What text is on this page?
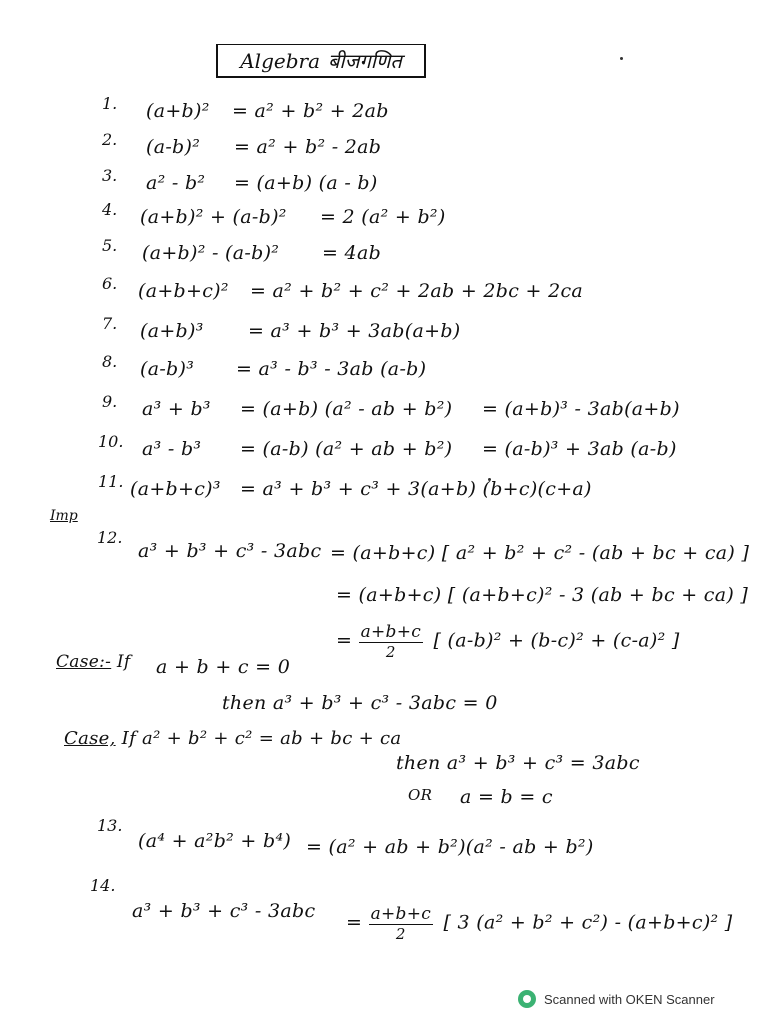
Algebra बीजगणित
1. (a+b)² = a² + b² + 2ab
2. (a-b)² = a² + b² - 2ab
3. a² - b² = (a+b) (a - b)
4. (a+b)² + (a-b)² = 2 (a² + b²)
5. (a+b)² - (a-b)² = 4ab
6. (a+b+c)² = a² + b² + c² + 2ab + 2bc + 2ca
7. (a+b)³ = a³ + b³ + 3ab(a+b)
8. (a-b)³ = a³ - b³ - 3ab (a-b)
9. a³ + b³ = (a+b) (a² - ab + b²) = (a+b)³ - 3ab(a+b)
10. a³ - b³ = (a-b) (a² + ab + b²) = (a-b)³ + 3ab (a-b)
11. (a+b+c)³ = a³ + b³ + c³ + 3(a+b) (b+c)(c+a)
Imp
12.
a³ + b³ + c³ - 3abc = (a+b+c) [ a² + b² + c² - (ab + bc + ca) ]
= (a+b+c) [ (a+b+c)² - 3 (ab + bc + ca) ]
= $\frac{a+b+c}{2}$ [ (a-b)² + (b-c)² + (c-a)² ]
Case:- If a + b + c = 0
then a³ + b³ + c³ - 3abc = 0
Case, If a² + b² + c² = ab + bc + ca
then a³ + b³ + c³ = 3abc
OR a = b = c
13.
(a⁴ + a²b² + b⁴) = (a² + ab + b²)(a² - ab + b²)
14.
a³ + b³ + c³ - 3abc
= $\frac{a+b+c}{2}$ [ 3 (a² + b² + c²) - (a+b+c)² ]
Scanned with OKEN Scanner
